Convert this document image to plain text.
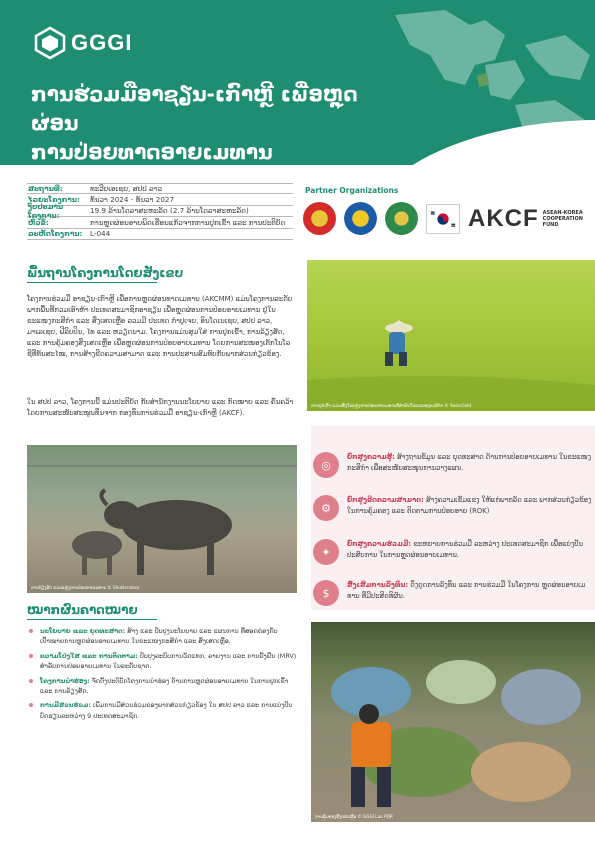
GGGI
ການຮ່ວມມືອາຊຽນ-ເກົາຫຼີ ເພື່ອຫຼຸດຜ່ອນ
ການປ່ອຍທາດອາຍເມທານ
ສະຖານທີ່:	ທະວີບເອເຊຍ, ສປປ ລາວ
ໄລຍະໂຄງການ:	ທັນວາ 2024 - ທັນວາ 2027
ງົບປະມານໂຄງການ:
19.9 ລ້ານໂດລາສະຫະລັດ (2.7 ລ້ານໂດລາສະຫະລັດ)
ຫົວຂໍ້:	ການຫຼຸດຜ່ອນອາຍພິດເຮືອນແກ້ວຈາກການປູກເຂົ້າ ແລະ ການປະຕິບັດ
ລະຫັດໂຄງການ:	L-044
Partner Organizations
AKCF ASEAN-KOREA
COOPERATION
FUND
ການປູກເຂົ້າ ແມ່ນໜຶ່ງໃນແຫຼ່ງການປ່ອຍອາຍເມທານທີ່ສຳຄັນໃນຂະແໜງກະສິກຳ © SwissGold
ພື້ນຖານໂຄງການໂດຍສັງເຂບ
ໂຄງການຮ່ວມມື ອາຊຽນ-ເກົາຫຼີ ເພື່ອການຫຼຸດຜ່ອນທາດເມທານ (AKCMM) ແມ່ນໂຄງການລະດັບພາກພື້ນທີ່ກວມເອົາຫ້າ ປະເທດສະມາຊິກອາຊຽນ ເພື່ອຫຼຸດຜ່ອນການປ່ອຍອາຍເມທານ ຢູ່ໃນຂະແໜງກະສິກຳ ແລະ ສິ່ງເສດເຫຼືອ ລວມມີ ປະເທດ ກຳປູເຈຍ, ອິນໂດເນເຊຍ, ສປປ ລາວ, ມາເລເຊຍ, ຟີລິບປິນ, ໄທ ແລະ ຫວຽດນາມ. ໂຄງການແມ່ນສຸມໃສ່ ການປູກເຂົ້າ, ການລ້ຽງສັດ, ແລະ ການຄຸ້ມຄອງສິ່ງເສດເຫຼືອ ເພື່ອຫຼຸດຜ່ອນການປ່ອຍອາຍເມທານ ໂດຍການສະໜອງເຕັກໂນໂລຊີທີ່ທັນສະໄໝ, ການສ້າງຂີດຄວາມສາມາດ ແລະ ການປະສານສົມທົບກັບພາກສ່ວນກ່ຽວຂ້ອງ.
ໃນ ສປປ ລາວ, ໂຄງການນີ້ ແມ່ນປະຕິບັດ ກັບສຳນັກງານນະໂຍບາຍ ແລະ ກົດໝາຍ ແລະ ຄົ້ນຄວ້າ ໂດຍການສະໜັບສະໜູນທຶນຈາກ ກອງທຶນການຮ່ວມມື ອາຊຽນ-ເກົາຫຼີ (AKCF).
ການລ້ຽງສັດ ແມ່ນແຫຼ່ງການປ່ອຍອາຍເມທານ © Shutterstock
◎
ຍົກສູງຄວາມຮູ້: ສ້າງຖານຂໍ້ມູນ ແລະ ຍຸດທະສາດ ດ້ານການປ່ອຍອາຍເມທານ ໃນຂະແໜງກະສິກຳ ເພື່ອສະໜັບສະໜູນການວາງແຜນ.
⚙
ຍົກສູງຂີດຄວາມສາມາດ: ສ້າງຄວາມເຂັ້ມແຂງ ໃຫ້ແກ່ພາກລັດ ແລະ ພາກສ່ວນກ່ຽວຂ້ອງ ໃນການຄຸ້ມຄອງ ແລະ ຕິດຕາມການປ່ອຍອາຍ (ROK)
✦
ຍົກສູງຄວາມຮ່ວມມື: ຂະຫຍາຍການຮ່ວມມື ລະຫວ່າງ ປະເທດສະມາຊິກ ເພື່ອແບ່ງປັນປະສົບການ ໃນການຫຼຸດຜ່ອນອາຍເມທານ.
$
ສົ່ງເສີມການລົງທຶນ: ດຶງດູດການລົງທຶນ ແລະ ການຮ່ວມມື ໃນໂຄງການ ຫຼຸດຜ່ອນອາຍເມທານ ທີ່ມີປະສິດທິຜົນ.
ໝາກຜົນຄາດໝາຍ
ນະໂຍບາຍ ແລະ ຍຸດທະສາດ: ສ້າງ ແລະ ປັບປຸງນະໂຍບາຍ ແລະ ແຜນການ ທີ່ສອດຄ່ອງກັບເປົ້າໝາຍການຫຼຸດຜ່ອນອາຍເມທານ ໃນຂະແໜງກະສິກຳ ແລະ ສິ່ງເສດເຫຼືອ.
ຄວາມໂປ່ງໃສ ແລະ ການຕິດຕາມ: ປັບປຸງລະບົບການວັດແທກ, ລາຍງານ ແລະ ການຢັ້ງຢືນ (MRV) ສຳລັບການປ່ອຍອາຍເມທານ ໃນລະດັບຊາດ.
ໂຄງການນຳຮ່ອງ: ຈັດຕັ້ງປະຕິບັດໂຄງການນຳຮ່ອງ ດ້ານການຫຼຸດຜ່ອນອາຍເມທານ ໃນການປູກເຂົ້າ ແລະ ການລ້ຽງສັດ.
ການມີສ່ວນຮ່ວມ: ເພີ່ມການມີສ່ວນຮ່ວມຂອງພາກສ່ວນກ່ຽວຂ້ອງ ໃນ ສປປ ລາວ ແລະ ການແບ່ງປັນບົດຮຽນລະຫວ່າງ 9 ປະເທດສະມາຊິກ.
ການຄຸ້ມຄອງສິ່ງເສດເຫຼືອ © GGGI Lao PDR
